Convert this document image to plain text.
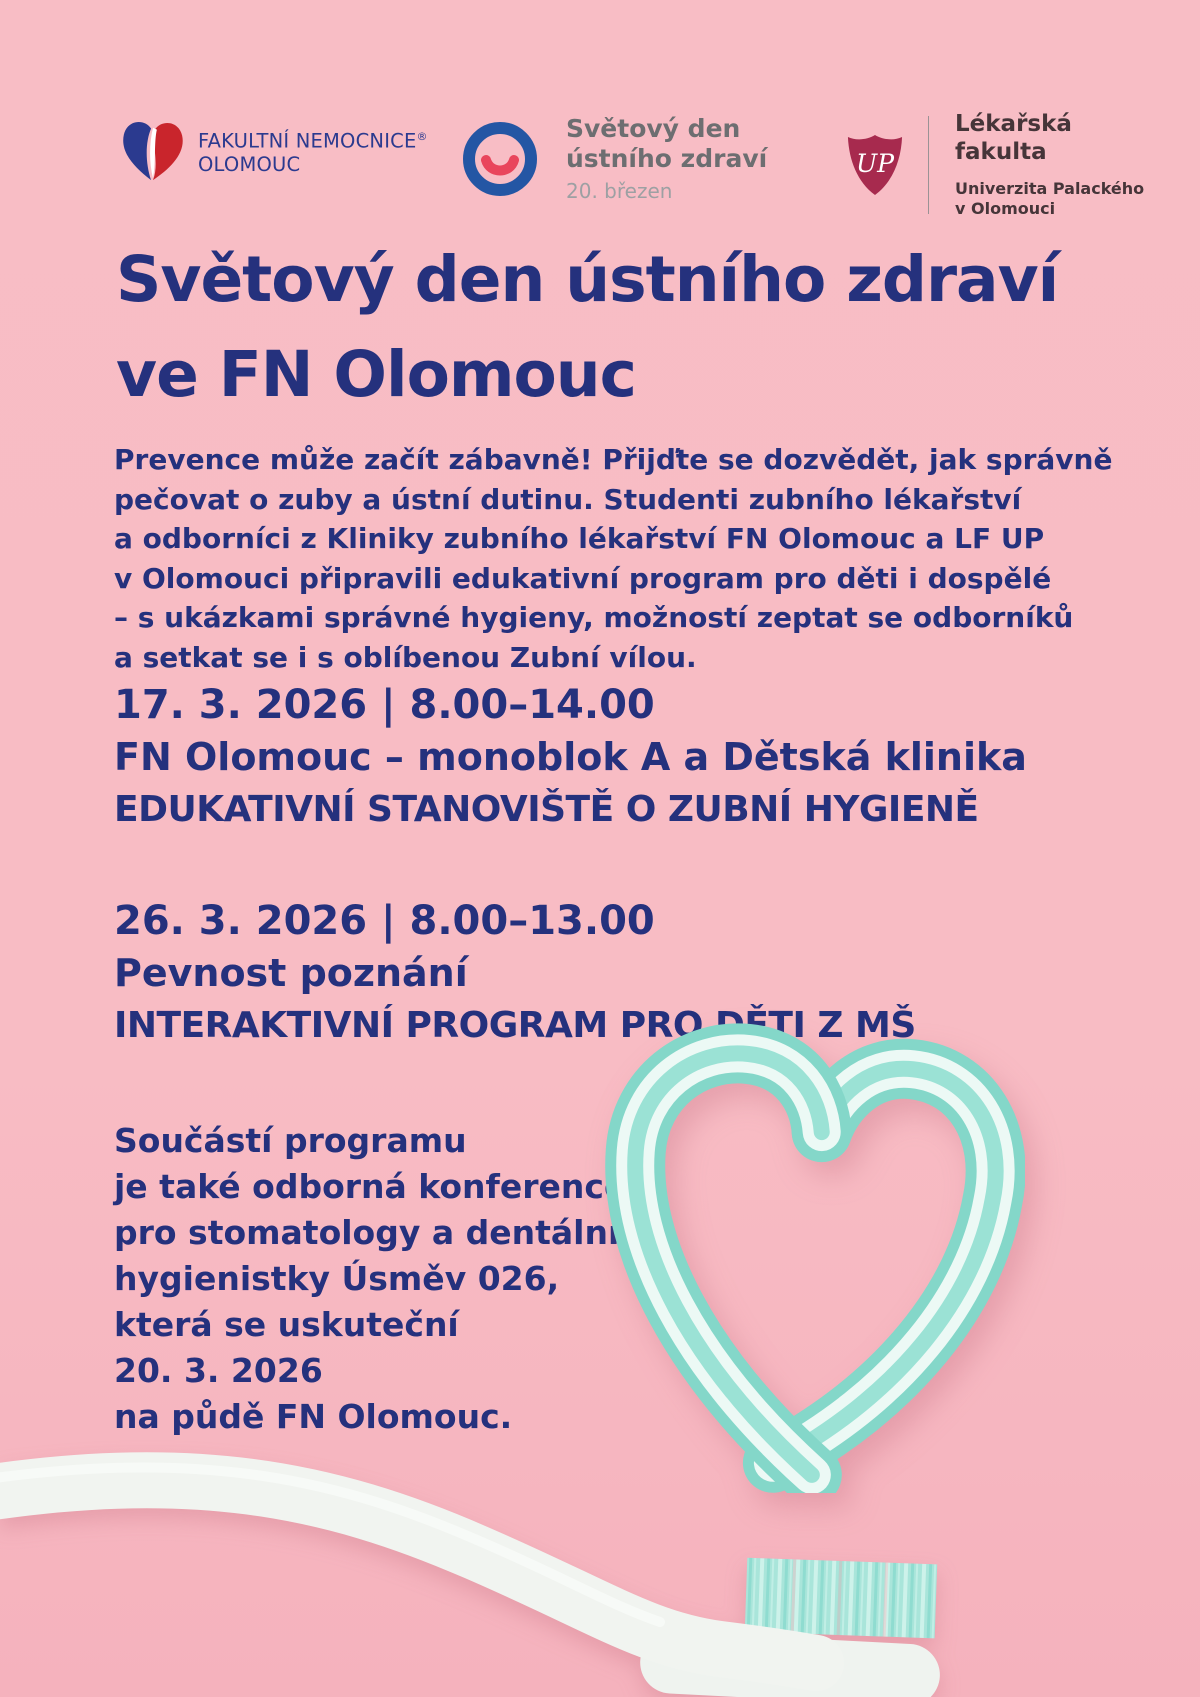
FAKULTNÍ NEMOCNICE®
OLOMOUC
Světový den
ústního zdraví
20. březen
UP
Lékařská
fakulta
Univerzita Palackého
v Olomouci
Světový den ústního zdraví
ve FN Olomouc
Prevence může začít zábavně! Přijďte se dozvědět, jak správně
pečovat o zuby a ústní dutinu. Studenti zubního lékařství
a odborníci z Kliniky zubního lékařství FN Olomouc a LF UP
v Olomouci připravili edukativní program pro děti i dospělé
– s ukázkami správné hygieny, možností zeptat se odborníků
a setkat se i s oblíbenou Zubní vílou.
17. 3. 2026 | 8.00–14.00
FN Olomouc – monoblok A a Dětská klinika
EDUKATIVNÍ STANOVIŠTĚ O ZUBNÍ HYGIENĚ
26. 3. 2026 | 8.00–13.00
Pevnost poznání
INTERAKTIVNÍ PROGRAM PRO DĚTI Z MŠ
Součástí programu
je také odborná konference
pro stomatology a dentální
hygienistky Úsměv 026,
která se uskuteční
20. 3. 2026
na půdě FN Olomouc.
